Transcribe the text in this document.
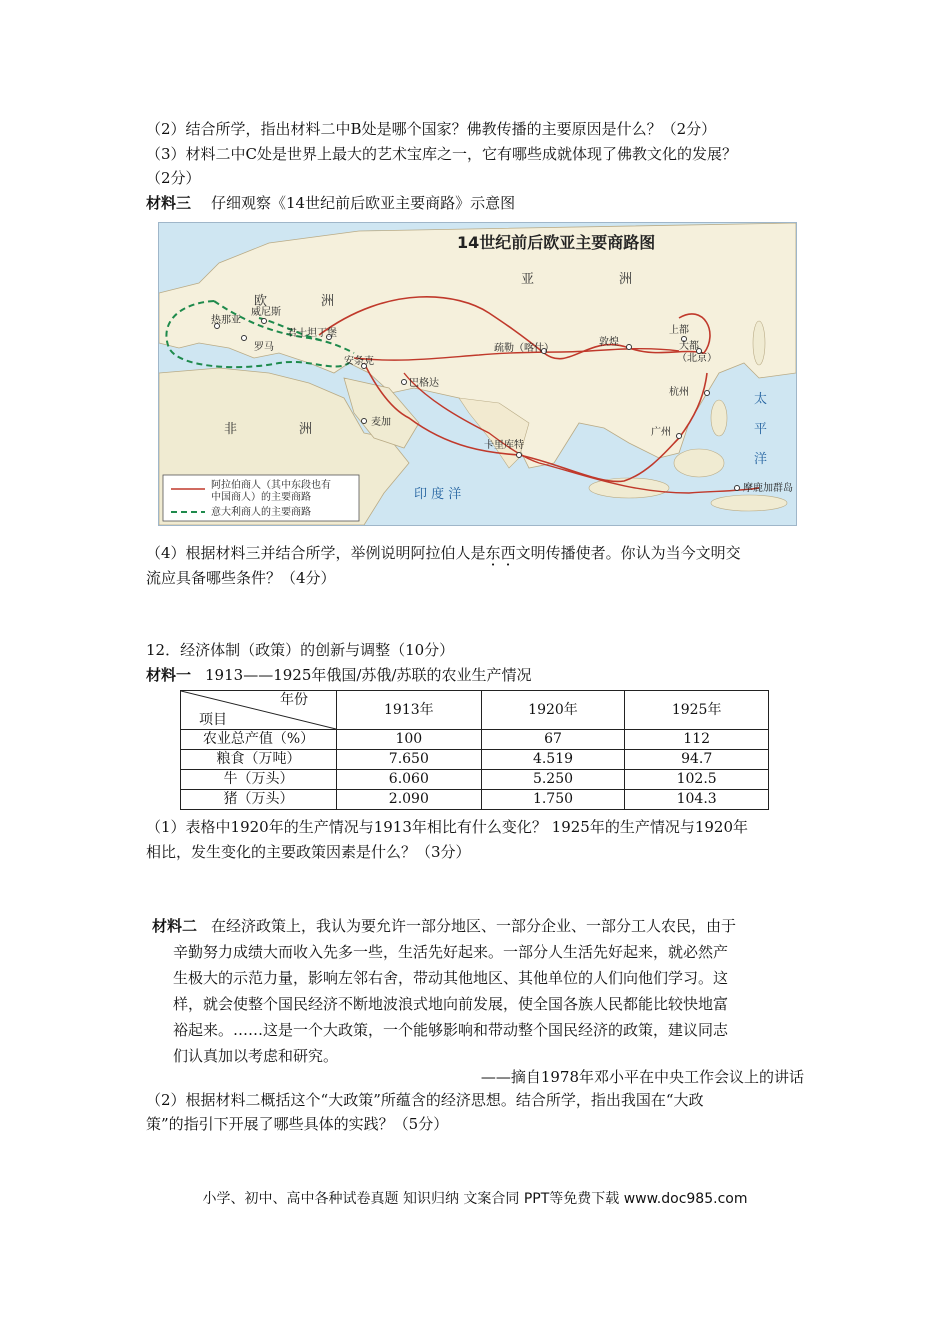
（2）结合所学，指出材料二中B处是哪个国家？佛教传播的主要原因是什么？（2分）
（3）材料二中C处是世界上最大的艺术宝库之一，它有哪些成就体现了佛教文化的发展？
（2分）
材料三 仔细观察《14世纪前后欧亚主要商路》示意图
14世纪前后欧亚主要商路图
亚	洲
欧	洲
非	洲
印 度 洋
太
平
洋
热那亚
威尼斯
君士坦丁堡
罗马
安条克
巴格达
麦加
卡里库特
疏勒（喀什）
敦煌
上都
大都
（北京）
杭州
广州
摩鹿加群岛
阿拉伯商人（其中东段也有
中国商人）的主要商路
意大利商人的主要商路
（4）根据材料三并结合所学，举例说明阿拉伯人是东西文明传播使者。你认为当今文明交
流应具备哪些条件？（4分）
12．经济体制（政策）的创新与调整（10分）
材料一 1913——1925年俄国/苏俄/苏联的农业生产情况
年份
项目	1913年	1920年	1925年
农业总产值（%）	100	67	112
粮食（万吨）	7.650	4.519	94.7
牛（万头）	6.060	5.250	102.5
猪（万头）	2.090	1.750	104.3
（1）表格中1920年的生产情况与1913年相比有什么变化？ 1925年的生产情况与1920年
相比，发生变化的主要政策因素是什么？（3分）
材料二 在经济政策上，我认为要允许一部分地区、一部分企业、一部分工人农民，由于
辛勤努力成绩大而收入先多一些，生活先好起来。一部分人生活先好起来，就必然产
生极大的示范力量，影响左邻右舍，带动其他地区、其他单位的人们向他们学习。这
样，就会使整个国民经济不断地波浪式地向前发展，使全国各族人民都能比较快地富
裕起来。……这是一个大政策，一个能够影响和带动整个国民经济的政策，建议同志
们认真加以考虑和研究。
——摘自1978年邓小平在中央工作会议上的讲话
（2）根据材料二概括这个“大政策”所蕴含的经济思想。结合所学，指出我国在“大政
策”的指引下开展了哪些具体的实践？（5分）
小学、初中、高中各种试卷真题 知识归纳 文案合同 PPT等免费下载 www.doc985.com
